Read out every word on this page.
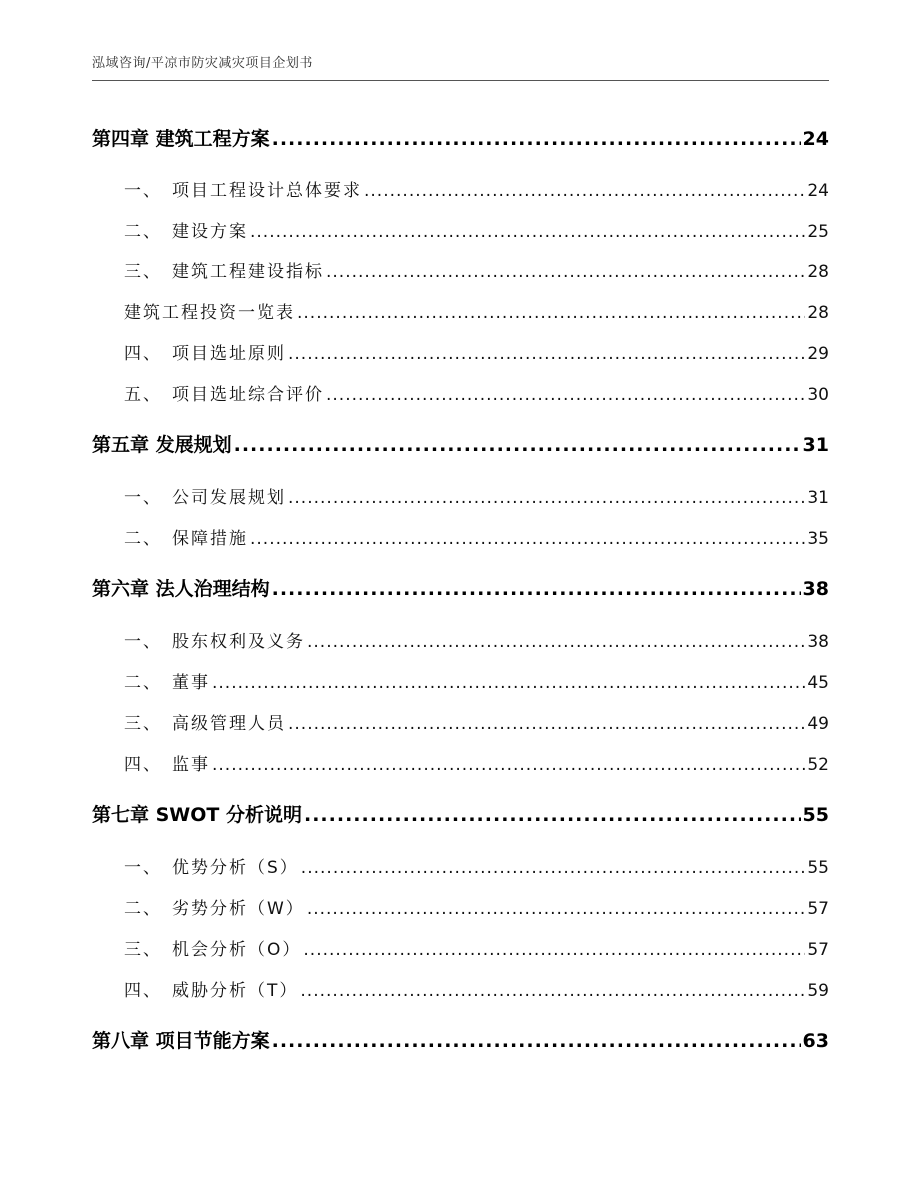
泓域咨询/平凉市防灾减灾项目企划书
第四章 建筑工程方案 .....	24
一、 项目工程设计总体要求 .....	24
二、 建设方案 .....	25
三、 建筑工程建设指标 .....	28
建筑工程投资一览表 .....	28
四、 项目选址原则 .....	29
五、 项目选址综合评价 .....	30
第五章 发展规划 .....	31
一、 公司发展规划 .....	31
二、 保障措施 .....	35
第六章 法人治理结构 .....	38
一、 股东权利及义务 .....	38
二、 董事 .....	45
三、 高级管理人员 .....	49
四、 监事 .....	52
第七章 SWOT 分析说明 .....	55
一、 优势分析（S） .....	55
二、 劣势分析（W） .....	57
三、 机会分析（O） .....	57
四、 威胁分析（T） .....	59
第八章 项目节能方案 .....	63
